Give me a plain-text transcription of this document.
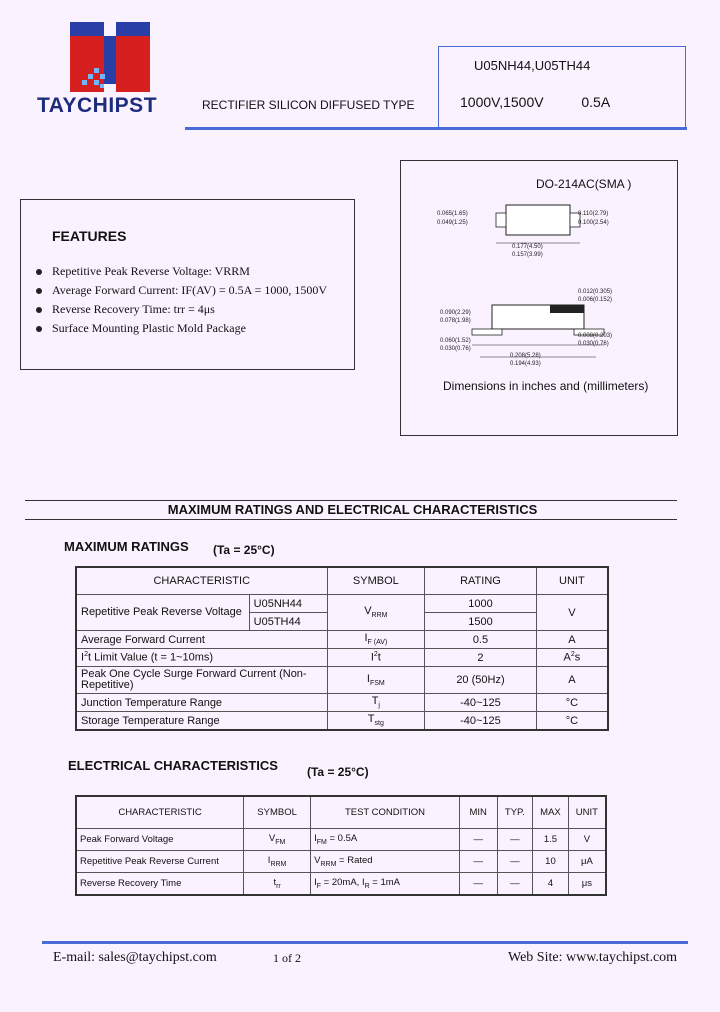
TAYCHIPST	RECTIFIER SILICON DIFFUSED TYPE
U05NH44,U05TH44
1000V,1500V	0.5A
FEATURES
Repetitive Peak Reverse Voltage: VRRM
Average Forward Current: IF(AV) = 0.5A = 1000, 1500V
Reverse Recovery Time: trr = 4μs
Surface Mounting Plastic Mold Package
DO-214AC(SMA )
0.065(1.65)
0.049(1.25)
0.110(2.79)
0.100(2.54)
0.177(4.50)
0.157(3.99)
0.012(0.305)
0.006(0.152)
0.090(2.29)
0.078(1.98)
0.008(0.203)
0.030(0.76)
0.060(1.52)
0.030(0.76)
0.208(5.28)
0.194(4.93)
Dimensions in inches and (millimeters)
MAXIMUM RATINGS AND ELECTRICAL CHARACTERISTICS
MAXIMUM RATINGS (Ta = 25°C)
CHARACTERISTIC		SYMBOL	RATING	UNIT
Repetitive Peak Reverse Voltage	U05NH44	$V_{RRM}$	1000	V
	U05TH44		1500	
Average Forward Current		$I_{F (AV)}$	0.5	A
$I^2t$ Limit Value (t = 1~10ms)		$I^2t$	2	$A^2s$
Peak One Cycle Surge Forward Current (Non-Repetitive)		$I_{FSM}$	20 (50Hz)	A
Junction Temperature Range		$T_j$	-40~125	°C
Storage Temperature Range		$T_{stg}$	-40~125	°C
ELECTRICAL CHARACTERISTICS (Ta = 25°C)
CHARACTERISTIC	SYMBOL	TEST CONDITION	MIN	TYP.	MAX	UNIT
Peak Forward Voltage	$V_{FM}$	$I_{FM} = 0.5A$	—	—	1.5	V
Repetitive Peak Reverse Current	$I_{RRM}$	$V_{RRM}$ = Rated	—	—	10	μA
Reverse Recovery Time	$t_{rr}$	$I_F = 20mA$, $I_R = 1mA$	—	—	4	μs
E-mail: sales@taychipst.com	1 of 2	Web Site: www.taychipst.com
